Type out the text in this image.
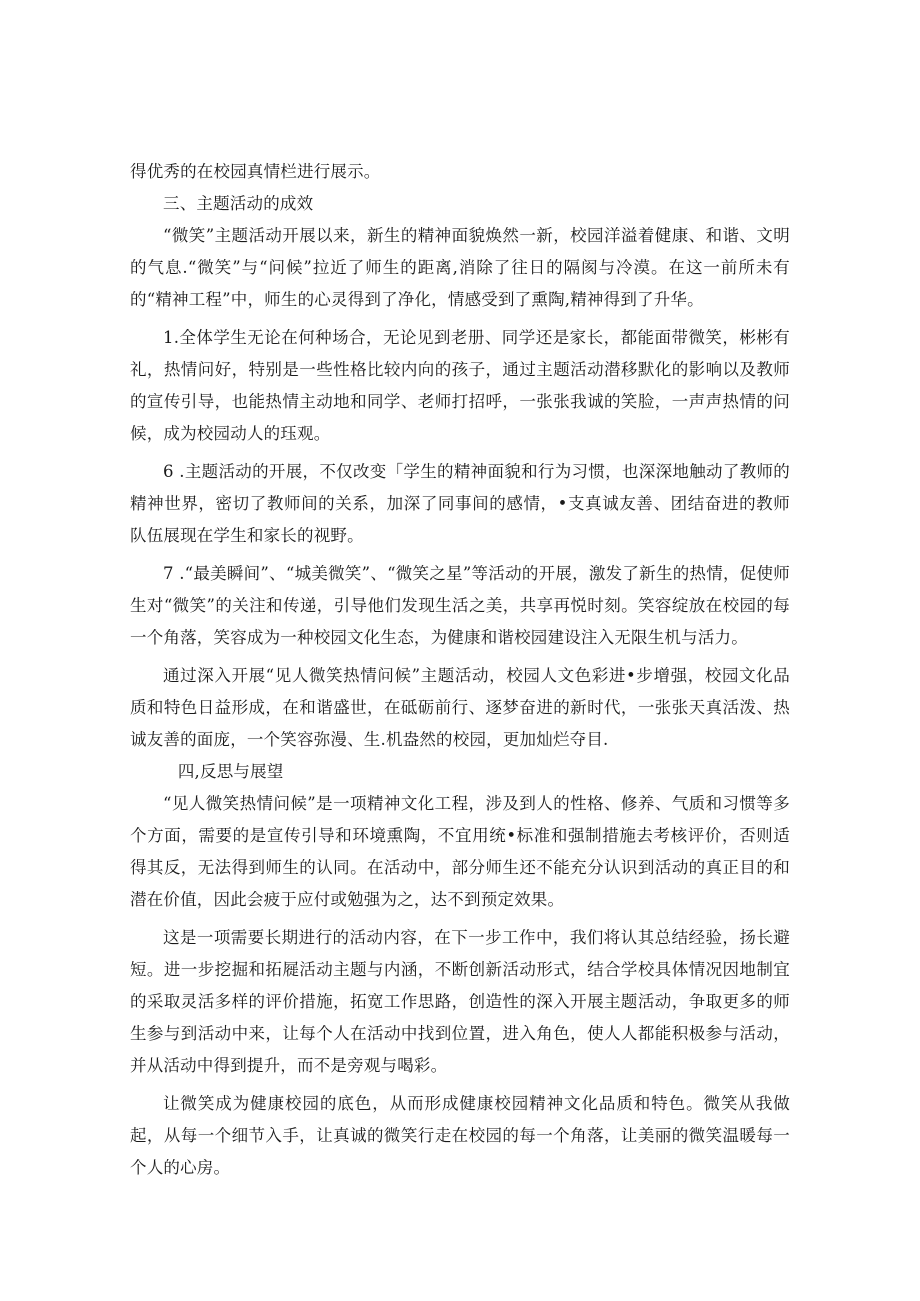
得优秀的在校园真情栏进行展示。

三、主题活动的成效

“微笑”主题活动开展以来，新生的精神面貌焕然一新，校园洋溢着健康、和谐、文明的气息.“微笑”与“问候”拉近了师生的距离,消除了往日的隔阂与冷漠。在这一前所未有的“精神工程”中，师生的心灵得到了净化，情感受到了熏陶,精神得到了升华。

1.全体学生无论在何种场合，无论见到老册、同学还是家长，都能面带微笑，彬彬有礼，热情问好，特别是一些性格比较内向的孩子，通过主题活动潜移默化的影响以及教师的宣传引导，也能热情主动地和同学、老师打招呼，一张张我诚的笑脸，一声声热情的问候，成为校园动人的珏观。

6 .主题活动的开展，不仅改变「学生的精神面貌和行为习惯，也深深地触动了教师的精神世界，密切了教师间的关系，加深了同事间的感情，•支真诚友善、团结奋进的教师队伍展现在学生和家长的视野。

7 .“最美瞬间”、“城美微笑”、“微笑之星”等活动的开展，激发了新生的热情，促使师生对“微笑”的关注和传递，引导他们发现生活之美，共享再悦时刻。笑容绽放在校园的每一个角落，笑容成为一种校园文化生态，为健康和谐校园建设注入无限生机与活力。

通过深入开展“见人微笑热情问候”主题活动，校园人文色彩进•步增强，校园文化品质和特色日益形成，在和谐盛世，在砥砺前行、逐梦奋进的新时代，一张张天真活泼、热诚友善的面庞，一个笑容弥漫、生.机盎然的校园，更加灿烂夺目.

四,反思与展望

“见人微笑热情问候”是一项精神文化工程，涉及到人的性格、修养、气质和习惯等多个方面，需要的是宣传引导和环境熏陶，不宜用统•标准和强制措施去考核评价，否则适得其反，无法得到师生的认同。在活动中，部分师生还不能充分认识到活动的真正目的和潜在价值，因此会疲于应付或勉强为之，达不到预定效果。

这是一项需要长期进行的活动内容，在下一步工作中，我们将认其总结经验，扬长避短。进一步挖掘和拓屣活动主题与内涵，不断创新活动形式，结合学校具体情况因地制宜的采取灵活多样的评价措施，拓宽工作思路，创造性的深入开展主题活动，争取更多的师生参与到活动中来，让每个人在活动中找到位置，进入角色，使人人都能积极参与活动，并从活动中得到提升，而不是旁观与喝彩。

让微笑成为健康校园的底色，从而形成健康校园精神文化品质和特色。微笑从我做起，从每一个细节入手，让真诚的微笑行走在校园的每一个角落，让美丽的微笑温暖每一个人的心房。
